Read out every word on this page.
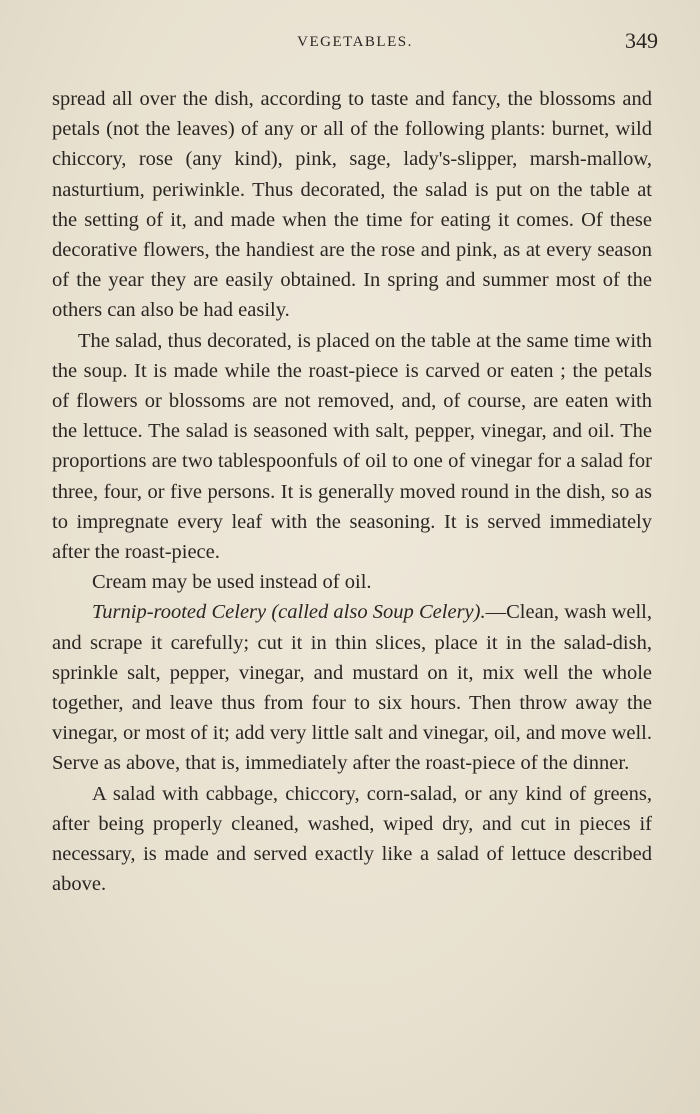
VEGETABLES.	349

spread all over the dish, according to taste and fancy, the blossoms and petals (not the leaves) of any or all of the following plants: burnet, wild chiccory, rose (any kind), pink, sage, lady's-slipper, marsh-mallow, nasturtium, periwinkle. Thus decorated, the salad is put on the table at the setting of it, and made when the time for eating it comes. Of these decorative flowers, the handiest are the rose and pink, as at every season of the year they are easily obtained. In spring and summer most of the others can also be had easily.

The salad, thus decorated, is placed on the table at the same time with the soup. It is made while the roast-piece is carved or eaten ; the petals of flowers or blossoms are not removed, and, of course, are eaten with the lettuce. The salad is seasoned with salt, pepper, vinegar, and oil. The proportions are two tablespoonfuls of oil to one of vinegar for a salad for three, four, or five persons. It is generally moved round in the dish, so as to impregnate every leaf with the seasoning. It is served immediately after the roast-piece.

Cream may be used instead of oil.

Turnip-rooted Celery (called also Soup Celery).—Clean, wash well, and scrape it carefully; cut it in thin slices, place it in the salad-dish, sprinkle salt, pepper, vinegar, and mustard on it, mix well the whole together, and leave thus from four to six hours. Then throw away the vinegar, or most of it; add very little salt and vinegar, oil, and move well. Serve as above, that is, immediately after the roast-piece of the dinner.

A salad with cabbage, chiccory, corn-salad, or any kind of greens, after being properly cleaned, washed, wiped dry, and cut in pieces if necessary, is made and served exactly like a salad of lettuce described above.
